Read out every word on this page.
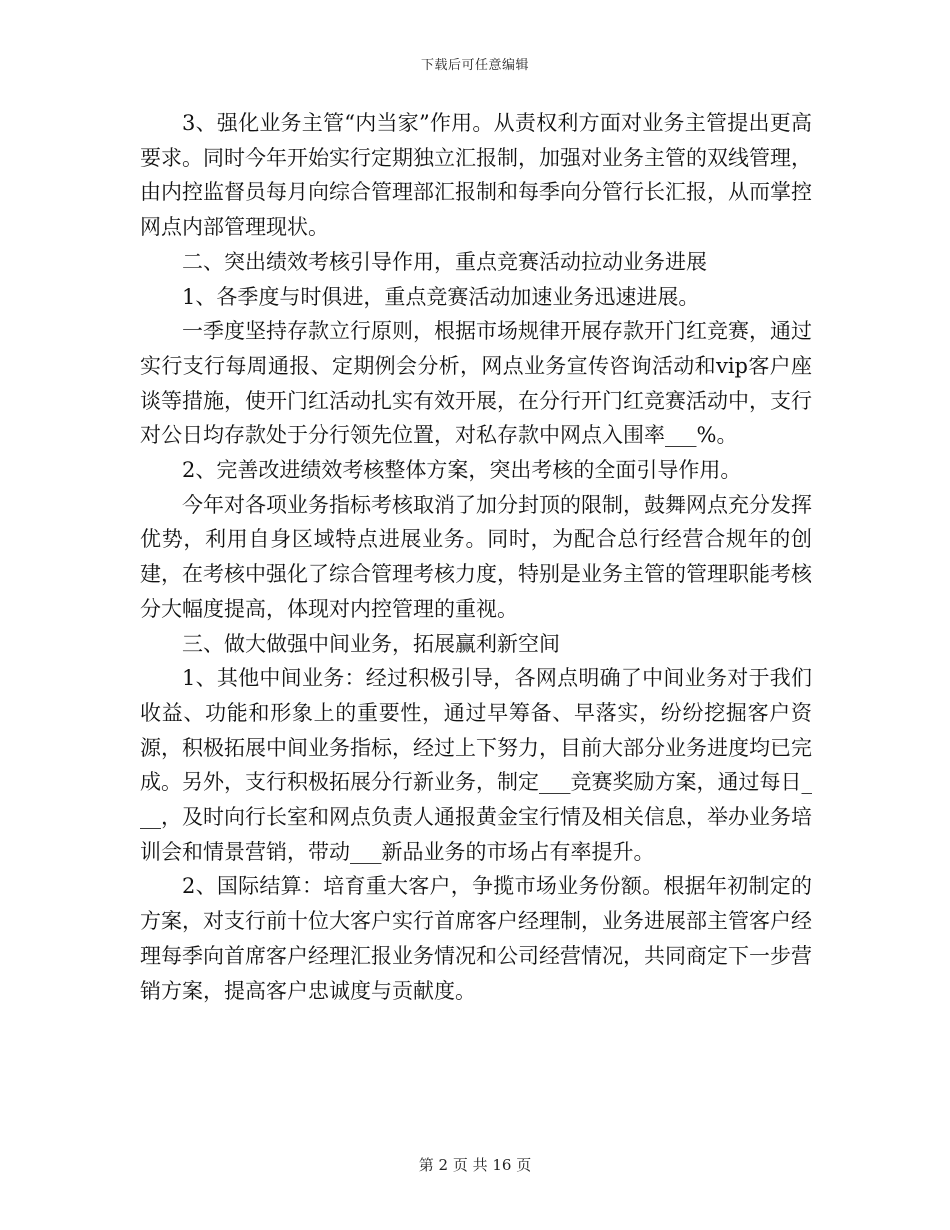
下载后可任意编辑

3、强化业务主管“内当家”作用。从责权利方面对业务主管提出更高要求。同时今年开始实行定期独立汇报制，加强对业务主管的双线管理，由内控监督员每月向综合管理部汇报制和每季向分管行长汇报，从而掌控网点内部管理现状。

二、突出绩效考核引导作用，重点竞赛活动拉动业务进展

1、各季度与时俱进，重点竞赛活动加速业务迅速进展。

一季度坚持存款立行原则，根据市场规律开展存款开门红竞赛，通过实行支行每周通报、定期例会分析，网点业务宣传咨询活动和vip客户座谈等措施，使开门红活动扎实有效开展，在分行开门红竞赛活动中，支行对公日均存款处于分行领先位置，对私存款中网点入围率___%。

2、完善改进绩效考核整体方案，突出考核的全面引导作用。

今年对各项业务指标考核取消了加分封顶的限制，鼓舞网点充分发挥优势，利用自身区域特点进展业务。同时，为配合总行经营合规年的创建，在考核中强化了综合管理考核力度，特别是业务主管的管理职能考核分大幅度提高，体现对内控管理的重视。

三、做大做强中间业务，拓展赢利新空间

1、其他中间业务：经过积极引导，各网点明确了中间业务对于我们收益、功能和形象上的重要性，通过早筹备、早落实，纷纷挖掘客户资源，积极拓展中间业务指标，经过上下努力，目前大部分业务进度均已完成。另外，支行积极拓展分行新业务，制定___竞赛奖励方案，通过每日___，及时向行长室和网点负责人通报黄金宝行情及相关信息，举办业务培训会和情景营销，带动___新品业务的市场占有率提升。

2、国际结算：培育重大客户，争揽市场业务份额。根据年初制定的方案，对支行前十位大客户实行首席客户经理制，业务进展部主管客户经理每季向首席客户经理汇报业务情况和公司经营情况，共同商定下一步营销方案，提高客户忠诚度与贡献度。

第 2 页 共 16 页
